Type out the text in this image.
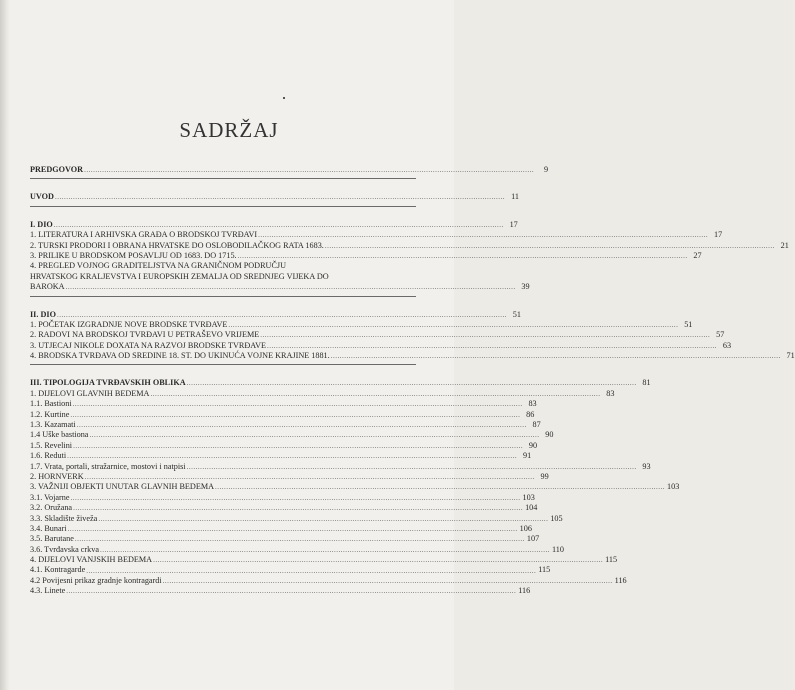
SADRŽAJ
PREDGOVOR ........................................................................................................................................................................................................	9
UVOD ........................................................................................................................................................................................................ 11
I. DIO ........................................................................................................................................................................................................ 17
1. LITERATURA I ARHIVSKA GRAĐA O BRODSKOJ TVRĐAVI ........................................................................................................................................................................................................ 17
2. TURSKI PRODORI I OBRANA HRVATSKE DO OSLOBODILAČKOG RATA 1683. ........................................................................................................................................................................................................ 21
3. PRILIKE U BRODSKOM POSAVLJU OD 1683. DO 1715. ........................................................................................................................................................................................................ 27
4. PREGLED VOJNOG GRADITELJSTVA NA GRANIČNOM PODRUČJU
HRVATSKOG KRALJEVSTVA I EUROPSKIH ZEMALJA OD SREDNJEG VIJEKA DO
BAROKA ........................................................................................................................................................................................................ 39
II. DIO ........................................................................................................................................................................................................ 51
1. POČETAK IZGRADNJE NOVE BRODSKE TVRĐAVE ........................................................................................................................................................................................................ 51
2. RADOVI NA BRODSKOJ TVRĐAVI U PETRAŠEVO VRIJEME ........................................................................................................................................................................................................ 57
3. UTJECAJ NIKOLE DOXATA NA RAZVOJ BRODSKE TVRĐAVE ........................................................................................................................................................................................................ 63
4. BRODSKA TVRĐAVA OD SREDINE 18. ST. DO UKINUĆA VOJNE KRAJINE 1881. ........................................................................................................................................................................................................ 71
III. TIPOLOGIJA TVRĐAVSKIH OBLIKA ........................................................................................................................................................................................................ 81
1. DIJELOVI GLAVNIH BEDEMA ........................................................................................................................................................................................................ 83
1.1. Bastioni ........................................................................................................................................................................................................ 83
1.2. Kurtine ........................................................................................................................................................................................................ 86
1.3. Kazamati ........................................................................................................................................................................................................ 87
1.4 Uške bastiona ........................................................................................................................................................................................................ 90
1.5. Revelini ........................................................................................................................................................................................................ 90
1.6. Reduti ........................................................................................................................................................................................................ 91
1.7. Vrata, portali, stražarnice, mostovi i natpisi ........................................................................................................................................................................................................ 93
2. HORNVERK ........................................................................................................................................................................................................ 99
3. VAŽNIJI OBJEKTI UNUTAR GLAVNIH BEDEMA ........................................................................................................................................................................................................ 103
3.1. Vojarne ........................................................................................................................................................................................................ 103
3.2. Oružana ........................................................................................................................................................................................................ 104
3.3. Skladište živeža ........................................................................................................................................................................................................ 105
3.4. Bunari ........................................................................................................................................................................................................ 106
3.5. Barutane ........................................................................................................................................................................................................ 107
3.6. Tvrđavska crkva ........................................................................................................................................................................................................ 110
4. DIJELOVI VANJSKIH BEDEMA ........................................................................................................................................................................................................ 115
4.1. Kontragarde ........................................................................................................................................................................................................ 115
4.2 Povijesni prikaz gradnje kontragardi ........................................................................................................................................................................................................ 116
4.3. Linete ........................................................................................................................................................................................................ 116
